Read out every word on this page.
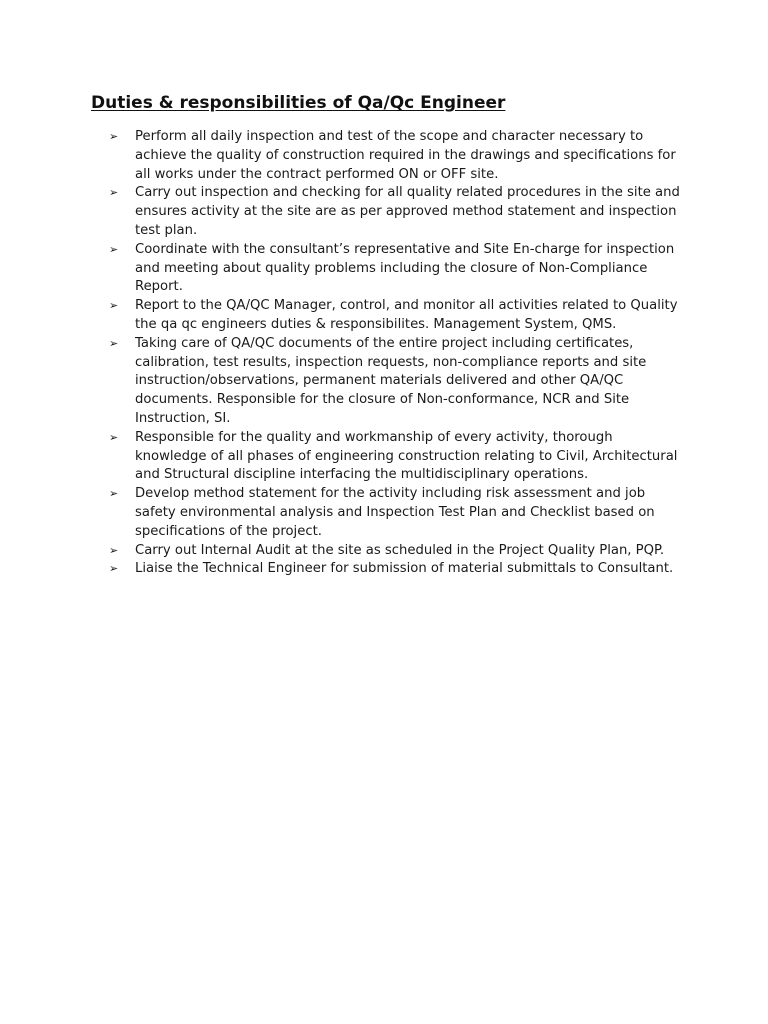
Duties & responsibilities of Qa/Qc Engineer
➢ Perform all daily inspection and test of the scope and character necessary to achieve the quality of construction required in the drawings and specifications for all works under the contract performed ON or OFF site.
➢ Carry out inspection and checking for all quality related procedures in the site and ensures activity at the site are as per approved method statement and inspection test plan.
➢ Coordinate with the consultant’s representative and Site En-charge for inspection and meeting about quality problems including the closure of Non-Compliance Report.
➢ Report to the QA/QC Manager, control, and monitor all activities related to Quality the qa qc engineers duties & responsibilites. Management System, QMS.
➢ Taking care of QA/QC documents of the entire project including certificates, calibration, test results, inspection requests, non-compliance reports and site instruction/observations, permanent materials delivered and other QA/QC documents. Responsible for the closure of Non-conformance, NCR and Site Instruction, SI.
➢ Responsible for the quality and workmanship of every activity, thorough knowledge of all phases of engineering construction relating to Civil, Architectural and Structural discipline interfacing the multidisciplinary operations.
➢ Develop method statement for the activity including risk assessment and job safety environmental analysis and Inspection Test Plan and Checklist based on specifications of the project.
➢ Carry out Internal Audit at the site as scheduled in the Project Quality Plan, PQP.
➢ Liaise the Technical Engineer for submission of material submittals to Consultant.
